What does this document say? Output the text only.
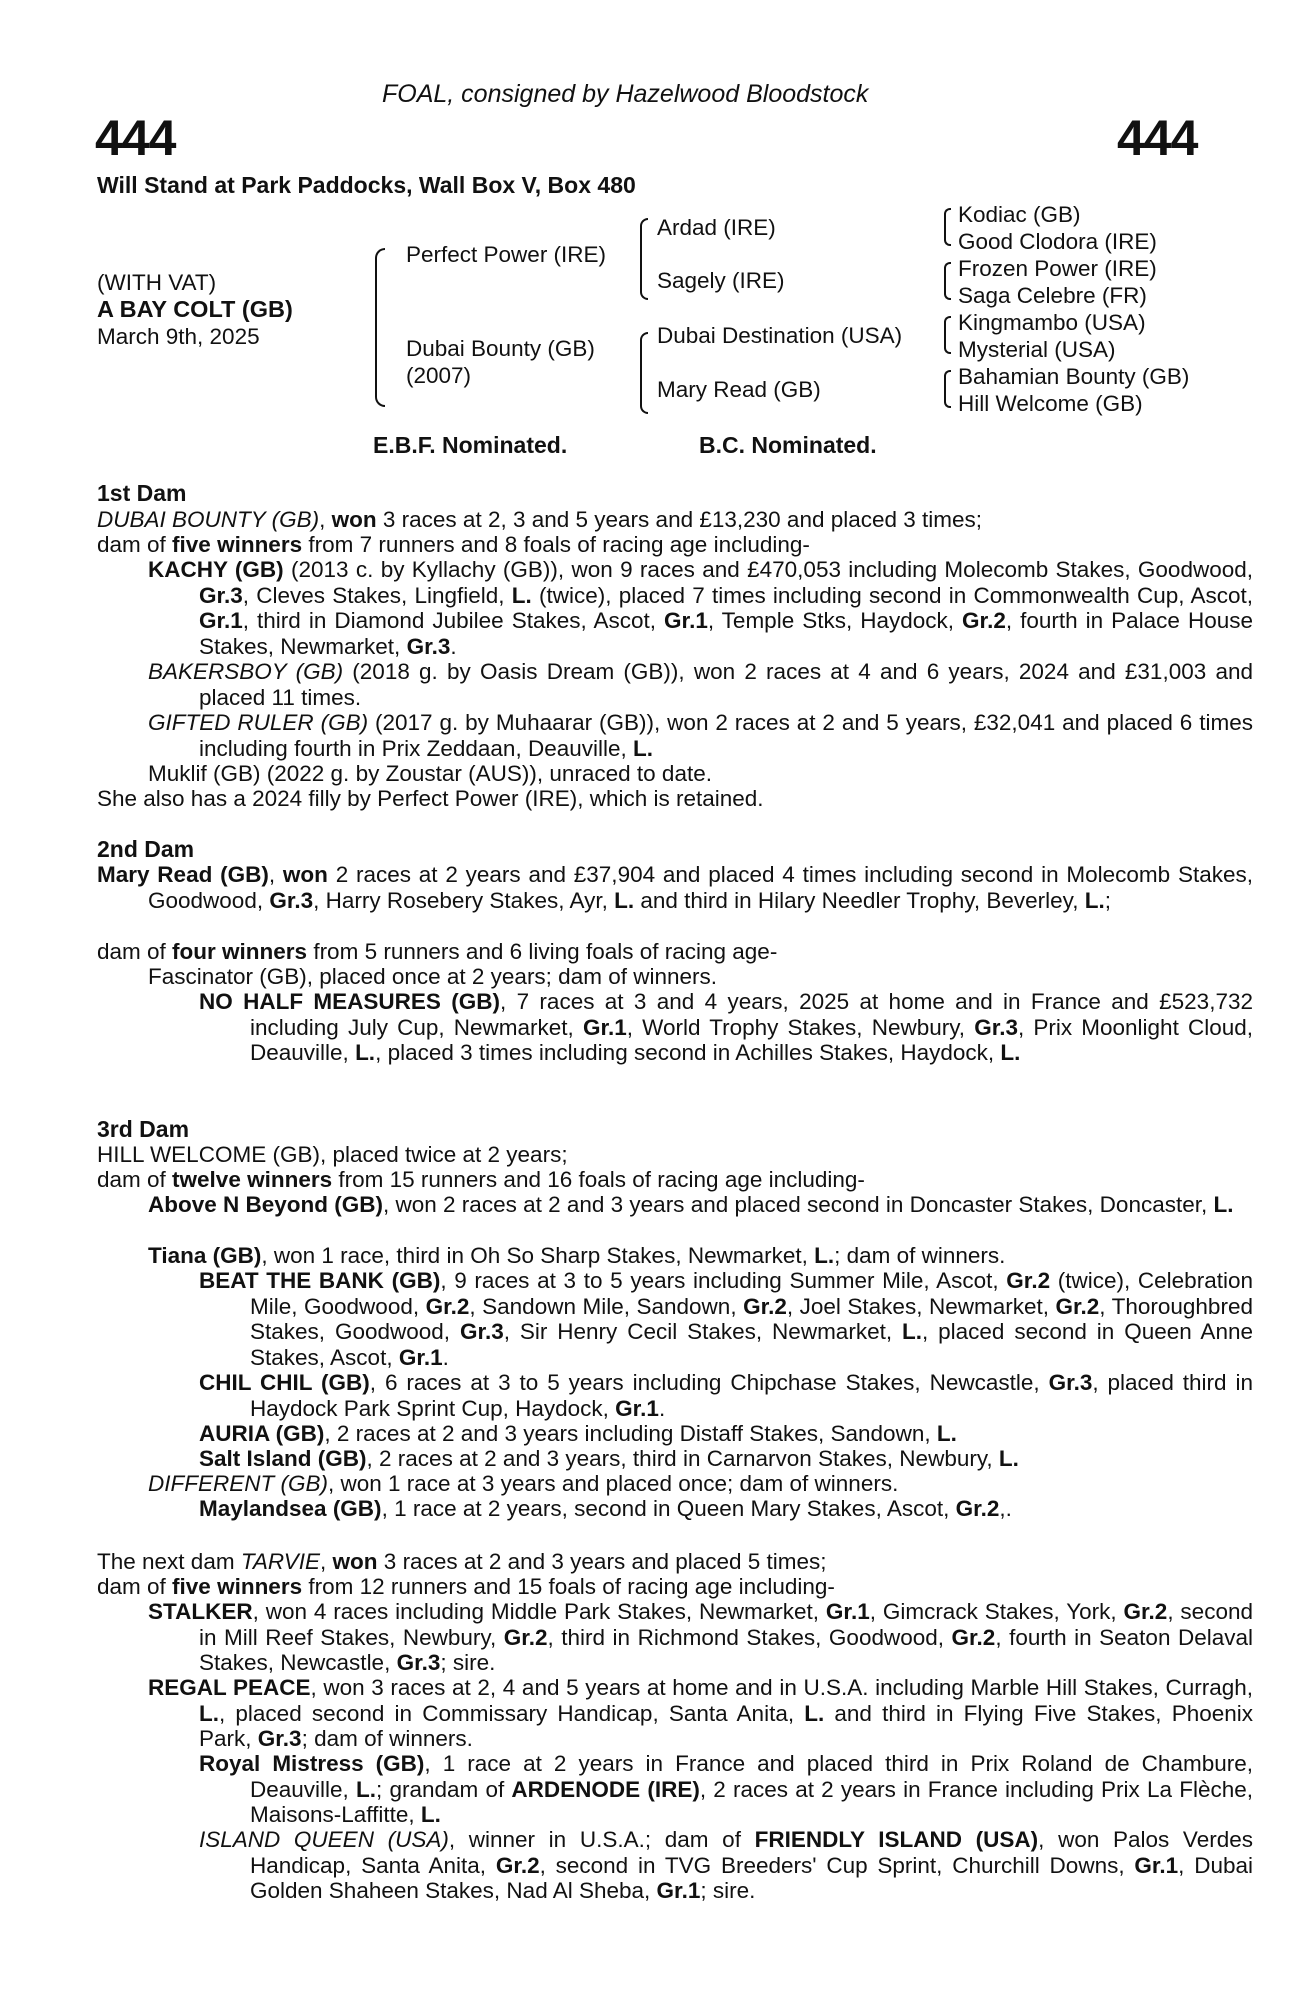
FOAL, consigned by Hazelwood Bloodstock
444	444
Will Stand at Park Paddocks, Wall Box V, Box 480
(WITH VAT)
A BAY COLT (GB)
March 9th, 2025
Perfect Power (IRE)
Dubai Bounty (GB)
(2007)
Ardad (IRE)
Sagely (IRE)
Dubai Destination (USA)
Mary Read (GB)
Kodiac (GB)
Good Clodora (IRE)
Frozen Power (IRE)
Saga Celebre (FR)
Kingmambo (USA)
Mysterial (USA)
Bahamian Bounty (GB)
Hill Welcome (GB)
E.B.F. Nominated.	B.C. Nominated.
1st Dam
DUBAI BOUNTY (GB), won 3 races at 2, 3 and 5 years and £13,230 and placed 3 times;
dam of five winners from 7 runners and 8 foals of racing age including-
KACHY (GB) (2013 c. by Kyllachy (GB)), won 9 races and £470,053 including Molecomb Stakes, Goodwood, Gr.3, Cleves Stakes, Lingfield, L. (twice), placed 7 times including second in Commonwealth Cup, Ascot, Gr.1, third in Diamond Jubilee Stakes, Ascot, Gr.1, Temple Stks, Haydock, Gr.2, fourth in Palace House Stakes, Newmarket, Gr.3.
BAKERSBOY (GB) (2018 g. by Oasis Dream (GB)), won 2 races at 4 and 6 years, 2024 and £31,003 and placed 11 times.
GIFTED RULER (GB) (2017 g. by Muhaarar (GB)), won 2 races at 2 and 5 years, £32,041 and placed 6 times including fourth in Prix Zeddaan, Deauville, L.
Muklif (GB) (2022 g. by Zoustar (AUS)), unraced to date.
She also has a 2024 filly by Perfect Power (IRE), which is retained.
2nd Dam
Mary Read (GB), won 2 races at 2 years and £37,904 and placed 4 times including second in Molecomb Stakes, Goodwood, Gr.3, Harry Rosebery Stakes, Ayr, L. and third in Hilary Needler Trophy, Beverley, L.;
dam of four winners from 5 runners and 6 living foals of racing age-
Fascinator (GB), placed once at 2 years; dam of winners.
NO HALF MEASURES (GB), 7 races at 3 and 4 years, 2025 at home and in France and £523,732 including July Cup, Newmarket, Gr.1, World Trophy Stakes, Newbury, Gr.3, Prix Moonlight Cloud, Deauville, L., placed 3 times including second in Achilles Stakes, Haydock, L.
3rd Dam
HILL WELCOME (GB), placed twice at 2 years;
dam of twelve winners from 15 runners and 16 foals of racing age including-
Above N Beyond (GB), won 2 races at 2 and 3 years and placed second in Doncaster Stakes, Doncaster, L.
Tiana (GB), won 1 race, third in Oh So Sharp Stakes, Newmarket, L.; dam of winners.
BEAT THE BANK (GB), 9 races at 3 to 5 years including Summer Mile, Ascot, Gr.2 (twice), Celebration Mile, Goodwood, Gr.2, Sandown Mile, Sandown, Gr.2, Joel Stakes, Newmarket, Gr.2, Thoroughbred Stakes, Goodwood, Gr.3, Sir Henry Cecil Stakes, Newmarket, L., placed second in Queen Anne Stakes, Ascot, Gr.1.
CHIL CHIL (GB), 6 races at 3 to 5 years including Chipchase Stakes, Newcastle, Gr.3, placed third in Haydock Park Sprint Cup, Haydock, Gr.1.
AURIA (GB), 2 races at 2 and 3 years including Distaff Stakes, Sandown, L.
Salt Island (GB), 2 races at 2 and 3 years, third in Carnarvon Stakes, Newbury, L.
DIFFERENT (GB), won 1 race at 3 years and placed once; dam of winners.
Maylandsea (GB), 1 race at 2 years, second in Queen Mary Stakes, Ascot, Gr.2,.
The next dam TARVIE, won 3 races at 2 and 3 years and placed 5 times;
dam of five winners from 12 runners and 15 foals of racing age including-
STALKER, won 4 races including Middle Park Stakes, Newmarket, Gr.1, Gimcrack Stakes, York, Gr.2, second in Mill Reef Stakes, Newbury, Gr.2, third in Richmond Stakes, Goodwood, Gr.2, fourth in Seaton Delaval Stakes, Newcastle, Gr.3; sire.
REGAL PEACE, won 3 races at 2, 4 and 5 years at home and in U.S.A. including Marble Hill Stakes, Curragh, L., placed second in Commissary Handicap, Santa Anita, L. and third in Flying Five Stakes, Phoenix Park, Gr.3; dam of winners.
Royal Mistress (GB), 1 race at 2 years in France and placed third in Prix Roland de Chambure, Deauville, L.; grandam of ARDENODE (IRE), 2 races at 2 years in France including Prix La Flèche, Maisons-Laffitte, L.
ISLAND QUEEN (USA), winner in U.S.A.; dam of FRIENDLY ISLAND (USA), won Palos Verdes Handicap, Santa Anita, Gr.2, second in TVG Breeders' Cup Sprint, Churchill Downs, Gr.1, Dubai Golden Shaheen Stakes, Nad Al Sheba, Gr.1; sire.
